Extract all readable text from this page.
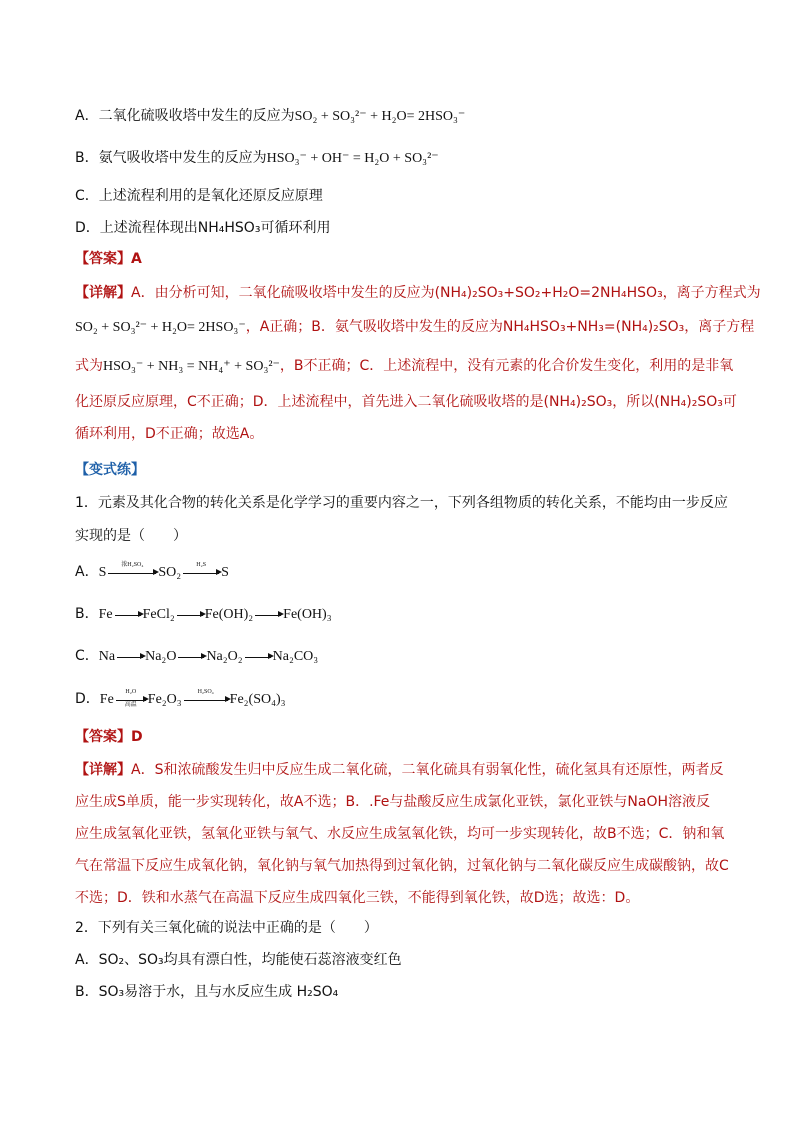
A．二氧化硫吸收塔中发生的反应为SO₂ + SO₃²⁻ + H₂O= 2HSO₃⁻
B．氨气吸收塔中发生的反应为HSO₃⁻ + OH⁻ = H₂O + SO₃²⁻
C．上述流程利用的是氧化还原反应原理
D．上述流程体现出NH₄HSO₃可循环利用
【答案】A
【详解】A．由分析可知，二氧化硫吸收塔中发生的反应为(NH₄)₂SO₃+SO₂+H₂O=2NH₄HSO₃，离子方程式为
SO₂ + SO₃²⁻ + H₂O= 2HSO₃⁻，A正确；B．氨气吸收塔中发生的反应为NH₄HSO₃+NH₃=(NH₄)₂SO₃，离子方程
式为HSO₃⁻ + NH₃ = NH₄⁺ + SO₃²⁻，B不正确；C．上述流程中，没有元素的化合价发生变化，利用的是非氧
化还原反应原理，C不正确；D．上述流程中，首先进入二氧化硫吸收塔的是(NH₄)₂SO₃，所以(NH₄)₂SO₃可
循环利用，D不正确；故选A。
【变式练】
1．元素及其化合物的转化关系是化学学习的重要内容之一，下列各组物质的转化关系，不能均由一步反应
实现的是（　　）
A．S
浓H₂SO₄
SO₂
H₂S
S
B．Fe FeCl₂ Fe(OH)₂ Fe(OH)₃
C．Na Na₂O Na₂O₂ Na₂CO₃
D．Fe
H₂O
高温 Fe₂O₃
H₂SO₄
Fe₂(SO₄)₃
【答案】D
【详解】A．S和浓硫酸发生归中反应生成二氧化硫，二氧化硫具有弱氧化性，硫化氢具有还原性，两者反
应生成S单质，能一步实现转化，故A不选；B．.Fe与盐酸反应生成氯化亚铁，氯化亚铁与NaOH溶液反
应生成氢氧化亚铁，氢氧化亚铁与氧气、水反应生成氢氧化铁，均可一步实现转化，故B不选；C．钠和氧
气在常温下反应生成氧化钠，氧化钠与氧气加热得到过氧化钠，过氧化钠与二氧化碳反应生成碳酸钠，故C
不选；D．铁和水蒸气在高温下反应生成四氧化三铁，不能得到氧化铁，故D选；故选：D。
2．下列有关三氧化硫的说法中正确的是（　　）
A．SO₂、SO₃均具有漂白性，均能使石蕊溶液变红色
B．SO₃易溶于水，且与水反应生成 H₂SO₄
